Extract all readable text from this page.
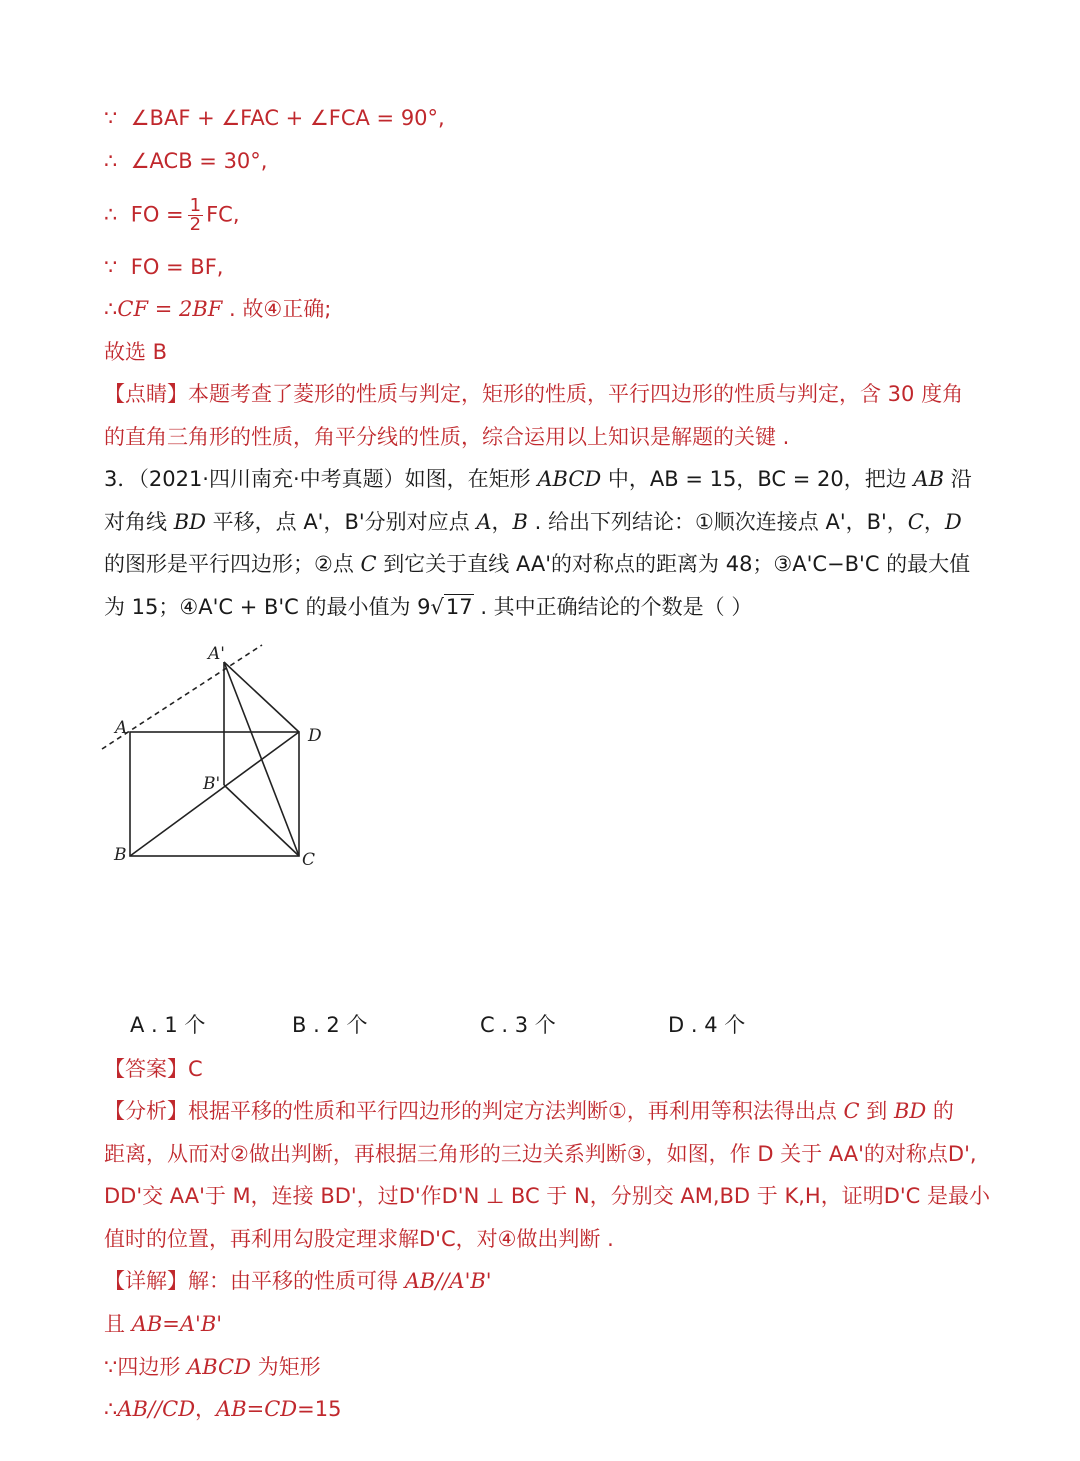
∵ ∠BAF + ∠FAC + ∠FCA = 90°,
∴ ∠ACB = 30°,
∴ FO = $\frac{1}{2}$ FC,
∵ FO = BF,
∴CF = 2BF . 故④正确;
故选 B
【点睛】本题考查了菱形的性质与判定，矩形的性质，平行四边形的性质与判定，含 30 度角
的直角三角形的性质，角平分线的性质，综合运用以上知识是解题的关键 .
3．（2021·四川南充·中考真题）如图，在矩形 ABCD 中，AB = 15，BC = 20，把边 AB 沿
对角线 BD 平移，点 A'，B'分别对应点 A，B . 给出下列结论：①顺次连接点 A'，B'，C，D
的图形是平行四边形；②点 C 到它关于直线 AA'的对称点的距离为 48；③A'C−B'C 的最大值
为 15；④A'C + B'C 的最小值为 9√17 . 其中正确结论的个数是（ ）
A'
A	D
B'
B	C
A . 1 个	B . 2 个	C . 3 个	D . 4 个
【答案】C
【分析】根据平移的性质和平行四边形的判定方法判断①，再利用等积法得出点 C 到 BD 的
距离，从而对②做出判断，再根据三角形的三边关系判断③，如图，作 D 关于 AA'的对称点D',
DD'交 AA'于 M，连接 BD'，过D'作D'N ⊥ BC 于 N，分别交 AM,BD 于 K,H，证明D'C 是最小
值时的位置，再利用勾股定理求解D'C，对④做出判断 .
【详解】解：由平移的性质可得 AB//A'B'
且 AB=A'B'
∵四边形 ABCD 为矩形
∴AB//CD，AB=CD=15
